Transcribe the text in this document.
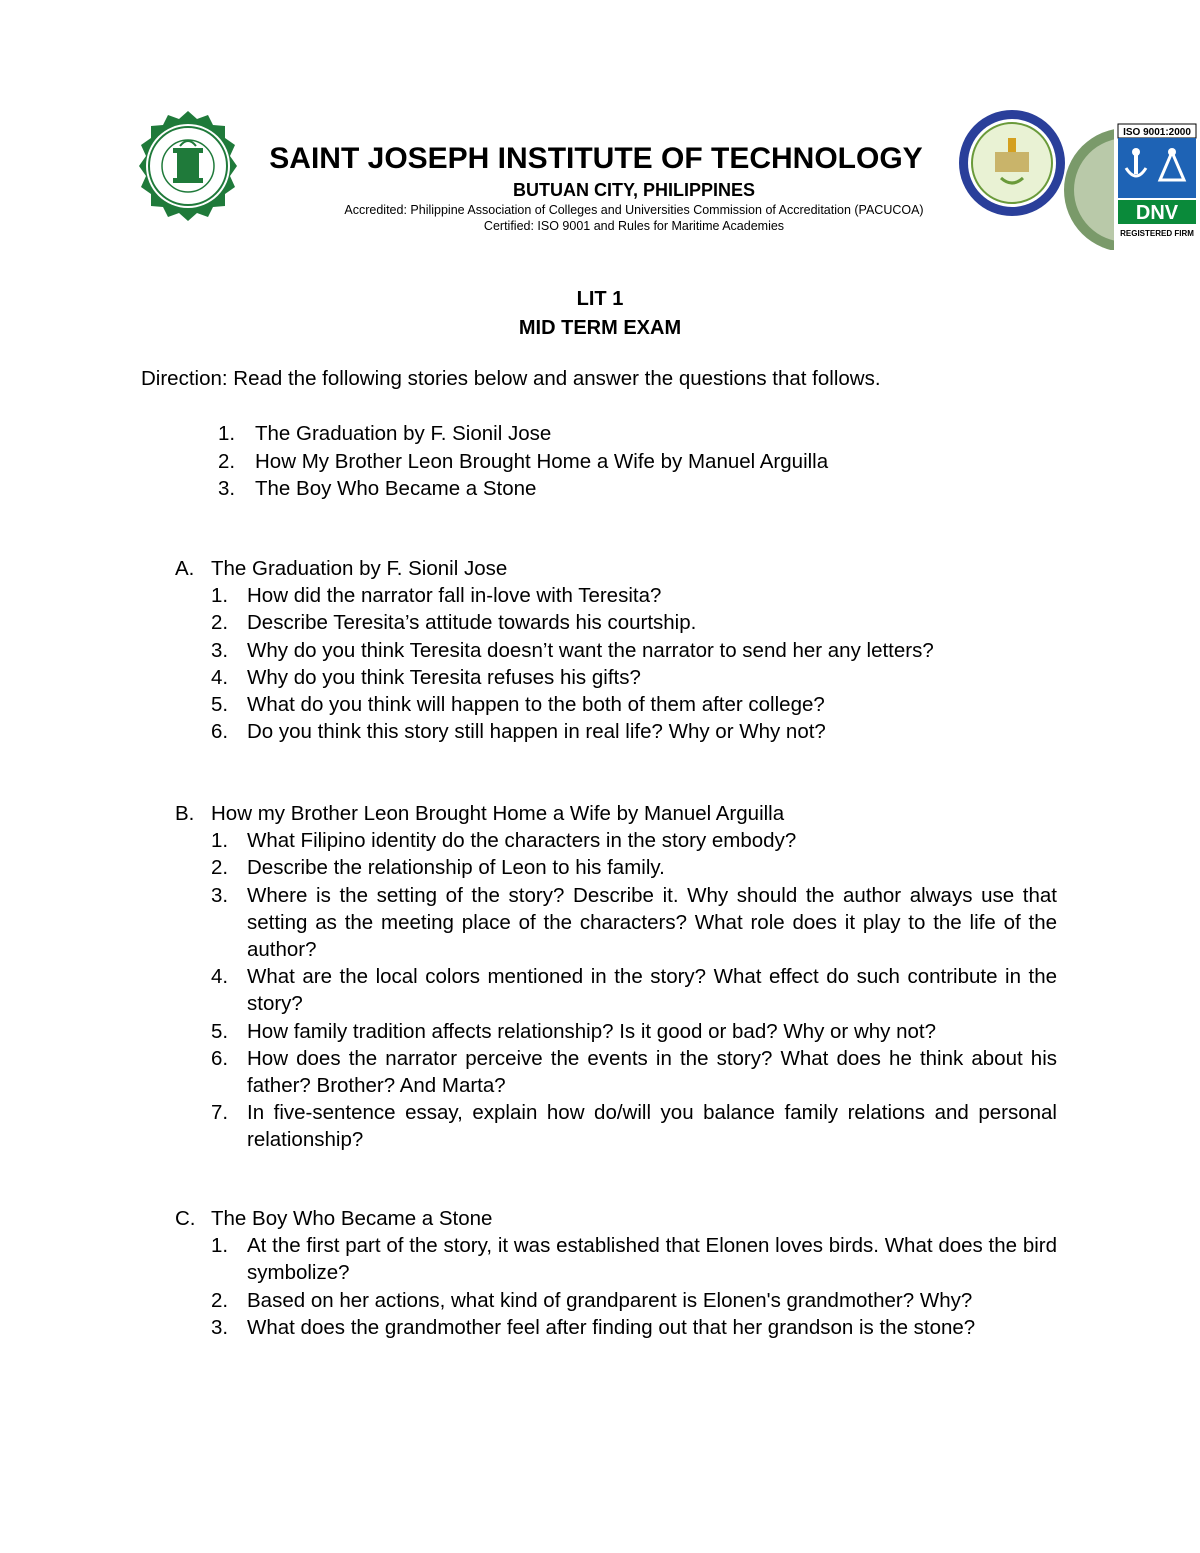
SAINT JOSEPH INSTITUTE OF TECHNOLOGY
BUTUAN CITY, PHILIPPINES
Accredited: Philippine Association of Colleges and Universities Commission of Accreditation (PACUCOA)
Certified: ISO 9001 and Rules for Maritime Academies
ISO 9001:2000
DNV
REGISTERED FIRM
LIT 1
MID TERM EXAM
Direction: Read the following stories below and answer the questions that follows.
1. The Graduation by F. Sionil Jose
2. How My Brother Leon Brought Home a Wife by Manuel Arguilla
3. The Boy Who Became a Stone
A. The Graduation by F. Sionil Jose
1. How did the narrator fall in-love with Teresita?
2. Describe Teresita’s attitude towards his courtship.
3. Why do you think Teresita doesn’t want the narrator to send her any letters?
4. Why do you think Teresita refuses his gifts?
5. What do you think will happen to the both of them after college?
6. Do you think this story still happen in real life? Why or Why not?
B. How my Brother Leon Brought Home a Wife by Manuel Arguilla
1. What Filipino identity do the characters in the story embody?
2. Describe the relationship of Leon to his family.
3. Where is the setting of the story? Describe it. Why should the author always use that setting as the meeting place of the characters? What role does it play to the life of the author?
4. What are the local colors mentioned in the story? What effect do such contribute in the story?
5. How family tradition affects relationship? Is it good or bad? Why or why not?
6. How does the narrator perceive the events in the story? What does he think about his father? Brother? And Marta?
7. In five-sentence essay, explain how do/will you balance family relations and personal relationship?
C. The Boy Who Became a Stone
1. At the first part of the story, it was established that Elonen loves birds. What does the bird symbolize?
2. Based on her actions, what kind of grandparent is Elonen's grandmother? Why?
3. What does the grandmother feel after finding out that her grandson is the stone?
